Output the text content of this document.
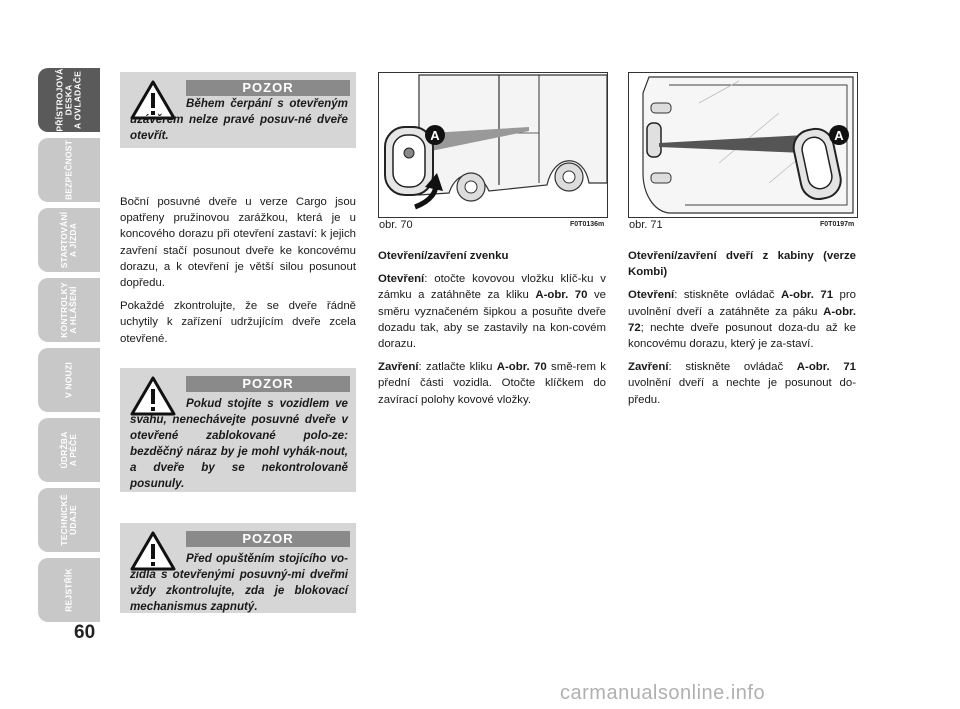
PŘÍSTROJOVÁ
DESKA
A OVLADAČE
BEZPEČNOST
STARTOVÁNÍ
A JÍZDA
KONTROLKY
A HLÁŠENÍ
V NOUZI
ÚDRŽBA
A PÉČE
TECHNICKÉ
ÚDAJE
REJSTŘÍK
60
POZOR
Během čerpání s otevřeným uzávěrem nelze pravé posuv-né dveře otevřít.

Boční posuvné dveře u verze Cargo jsou opatřeny pružinovou zarážkou, která je u koncového dorazu při otevření zastaví: k jejich zavření stačí posunout dveře ke koncovému dorazu, a k otevření je větší silou posunout dopředu.

Pokaždé zkontrolujte, že se dveře řádně uchytily k zařízení udržujícím dveře zcela otevřené.

POZOR
Pokud stojíte s vozidlem ve svahu, nenechávejte posuvné dveře v otevřené zablokované polo-ze: bezděčný náraz by je mohl vyhák-nout, a dveře by se nekontrolovaně posunuly.
POZOR
Před opuštěním stojícího vo-zidla s otevřenými posuvný-mi dveřmi vždy zkontrolujte, zda je blokovací mechanismus zapnutý.
A
obr. 70	F0T0136m
A
obr. 71	F0T0197m

Otevření/zavření zvenku

Otevření: otočte kovovou vložku klíč-ku v zámku a zatáhněte za kliku A-obr. 70 ve směru vyznačeném šipkou a posuňte dveře dozadu tak, aby se zastavily na kon-covém dorazu.

Zavření: zatlačte kliku A-obr. 70 smě-rem k přední části vozidla. Otočte klíčkem do zavírací polohy kovové vložky.

Otevření/zavření dveří z kabiny (verze Kombi)

Otevření: stiskněte ovládač A-obr. 71 pro uvolnění dveří a zatáhněte za páku A-obr. 72; nechte dveře posunout doza-du až ke koncovému dorazu, který je za-staví.

Zavření: stiskněte ovládač A-obr. 71 uvolnění dveří a nechte je posunout do-předu.

carmanualsonline.info
